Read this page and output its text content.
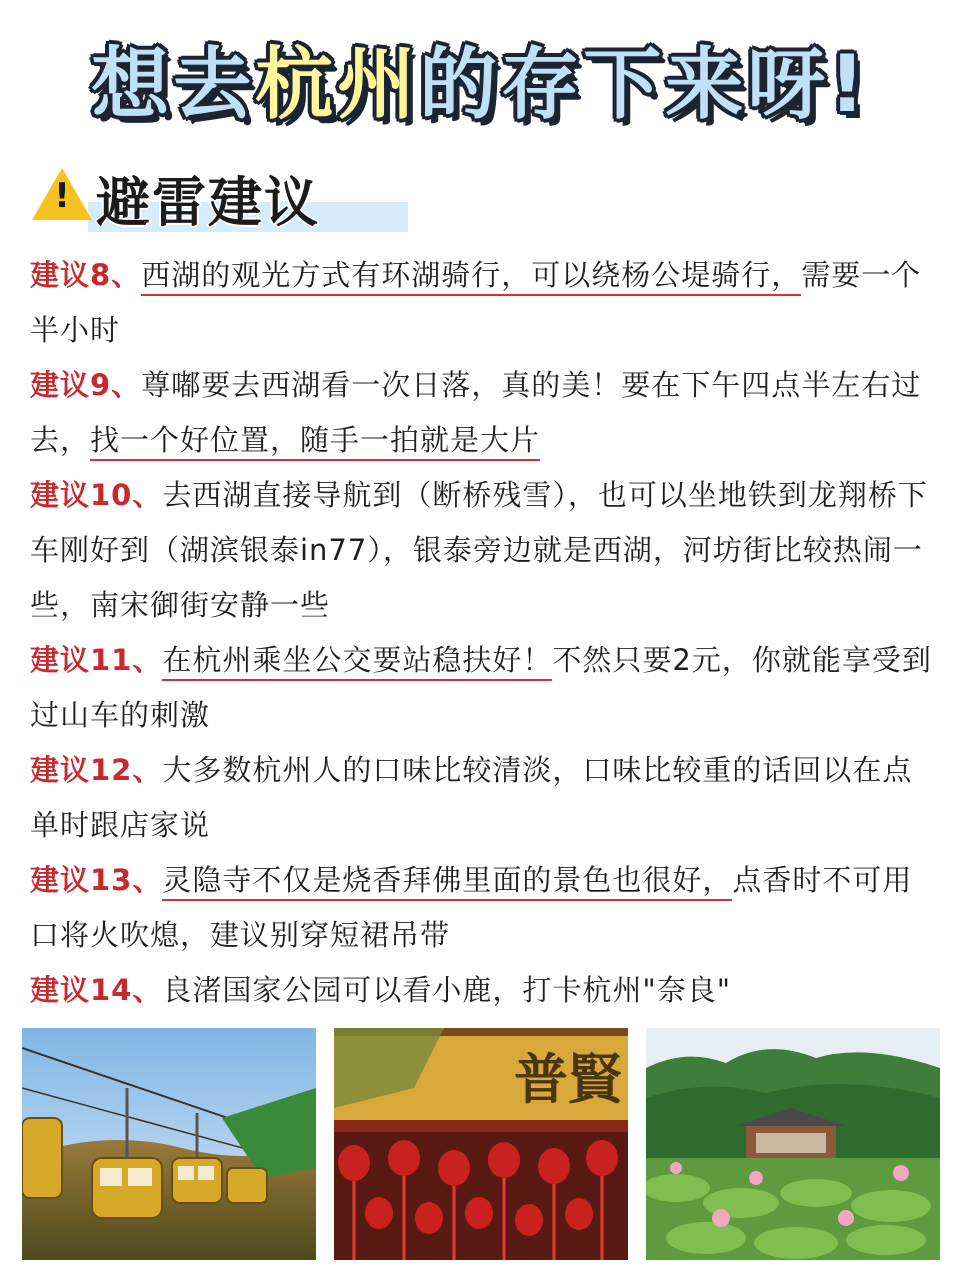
想去杭州的存下来呀!
! 避雷建议
建议8、西湖的观光方式有环湖骑行，可以绕杨公堤骑行，需要一个半小时
建议9、尊嘟要去西湖看一次日落，真的美！要在下午四点半左右过去，找一个好位置，随手一拍就是大片
建议10、去西湖直接导航到（断桥残雪），也可以坐地铁到龙翔桥下车刚好到（湖滨银泰in77），银泰旁边就是西湖，河坊街比较热闹一些，南宋御街安静一些
建议11、在杭州乘坐公交要站稳扶好！不然只要2元，你就能享受到过山车的刺激
建议12、大多数杭州人的口味比较清淡，口味比较重的话回以在点单时跟店家说
建议13、灵隐寺不仅是烧香拜佛里面的景色也很好，点香时不可用口将火吹熄，建议别穿短裙吊带
建议14、良渚国家公园可以看小鹿，打卡杭州"奈良"
普賢
